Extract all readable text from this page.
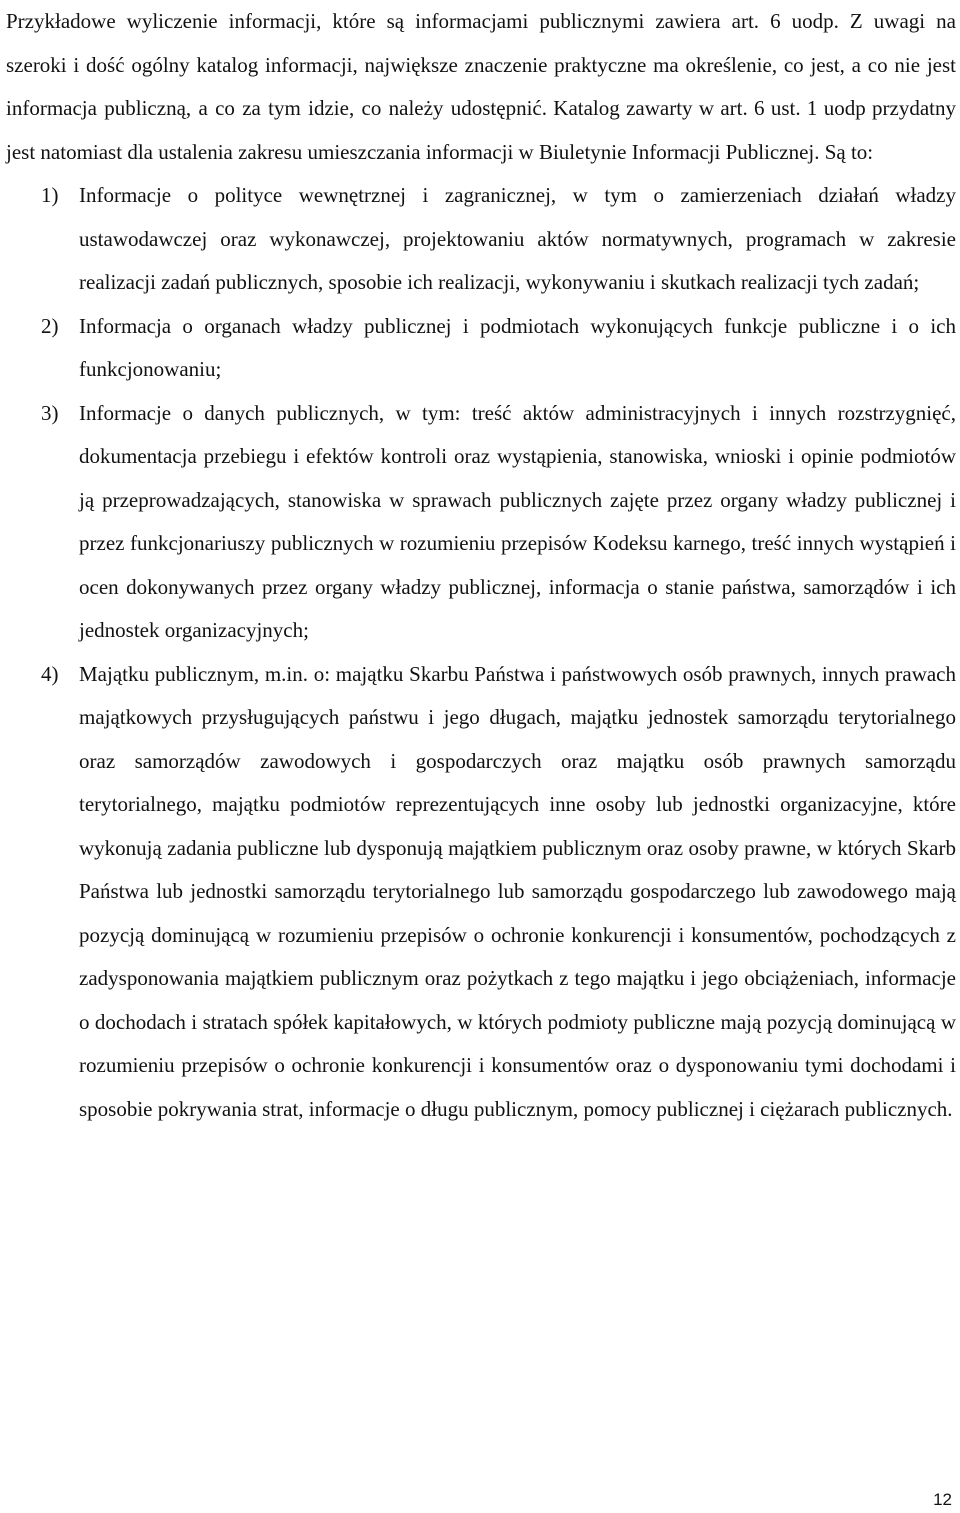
Przykładowe wyliczenie informacji, które są informacjami publicznymi zawiera art. 6 uodp. Z uwagi na szeroki i dość ogólny katalog informacji, największe znaczenie praktyczne ma określenie, co jest, a co nie jest informacja publiczną, a co za tym idzie, co należy udostępnić. Katalog zawarty w art. 6 ust. 1 uodp przydatny jest natomiast dla ustalenia zakresu umieszczania informacji w Biuletynie Informacji Publicznej. Są to:

1) Informacje o polityce wewnętrznej i zagranicznej, w tym o zamierzeniach działań władzy ustawodawczej oraz wykonawczej, projektowaniu aktów normatywnych, programach w zakresie realizacji zadań publicznych, sposobie ich realizacji, wykonywaniu i skutkach realizacji tych zadań;
2) Informacja o organach władzy publicznej i podmiotach wykonujących funkcje publiczne i o ich funkcjonowaniu;
3) Informacje o danych publicznych, w tym: treść aktów administracyjnych i innych rozstrzygnięć, dokumentacja przebiegu i efektów kontroli oraz wystąpienia, stanowiska, wnioski i opinie podmiotów ją przeprowadzających, stanowiska w sprawach publicznych zajęte przez organy władzy publicznej i przez funkcjonariuszy publicznych w rozumieniu przepisów Kodeksu karnego, treść innych wystąpień i ocen dokonywanych przez organy władzy publicznej, informacja o stanie państwa, samorządów i ich jednostek organizacyjnych;
4) Majątku publicznym, m.in. o: majątku Skarbu Państwa i państwowych osób prawnych, innych prawach majątkowych przysługujących państwu i jego długach, majątku jednostek samorządu terytorialnego oraz samorządów zawodowych i gospodarczych oraz majątku osób prawnych samorządu terytorialnego, majątku podmiotów reprezentujących inne osoby lub jednostki organizacyjne, które wykonują zadania publiczne lub dysponują majątkiem publicznym oraz osoby prawne, w których Skarb Państwa lub jednostki samorządu terytorialnego lub samorządu gospodarczego lub zawodowego mają pozycją dominującą w rozumieniu przepisów o ochronie konkurencji i konsumentów, pochodzących z zadysponowania majątkiem publicznym oraz pożytkach z tego majątku i jego obciążeniach, informacje o dochodach i stratach spółek kapitałowych, w których podmioty publiczne mają pozycją dominującą w rozumieniu przepisów o ochronie konkurencji i konsumentów oraz o dysponowaniu tymi dochodami i sposobie pokrywania strat, informacje o długu publicznym, pomocy publicznej i ciężarach publicznych.
12
